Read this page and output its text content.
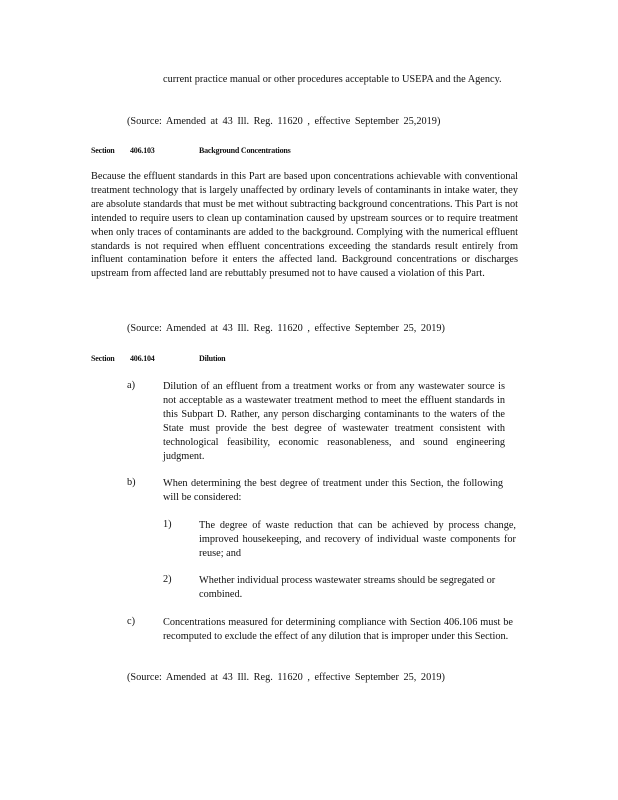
current practice manual or other procedures acceptable to USEPA and the Agency.
(Source: Amended at 43 Ill. Reg. 11620 , effective September 25,2019)
Section 406.103	Background Concentrations
Because the effluent standards in this Part are based upon concentrations achievable with conventional treatment technology that is largely unaffected by ordinary levels of contaminants in intake water, they are absolute standards that must be met without subtracting background concentrations. This Part is not intended to require users to clean up contamination caused by upstream sources or to require treatment when only traces of contaminants are added to the background. Complying with the numerical effluent standards is not required when effluent concentrations exceeding the standards result entirely from influent contamination before it enters the affected land. Background concentrations or discharges upstream from affected land are rebuttably presumed not to have caused a violation of this Part.
(Source: Amended at 43 Ill. Reg. 11620 , effective September 25, 2019)
Section 406.104	Dilution
a)	Dilution of an effluent from a treatment works or from any wastewater source is not acceptable as a wastewater treatment method to meet the effluent standards in this Subpart D. Rather, any person discharging contaminants to the waters of the State must provide the best degree of wastewater treatment consistent with technological feasibility, economic reasonableness, and sound engineering judgment.
b)	When determining the best degree of treatment under this Section, the following will be considered:
1)	The degree of waste reduction that can be achieved by process change, improved housekeeping, and recovery of individual waste components for reuse; and
2)	Whether individual process wastewater streams should be segregated or combined.
c)	Concentrations measured for determining compliance with Section 406.106 must be recomputed to exclude the effect of any dilution that is improper under this Section.
(Source: Amended at 43 Ill. Reg. 11620 , effective September 25, 2019)
